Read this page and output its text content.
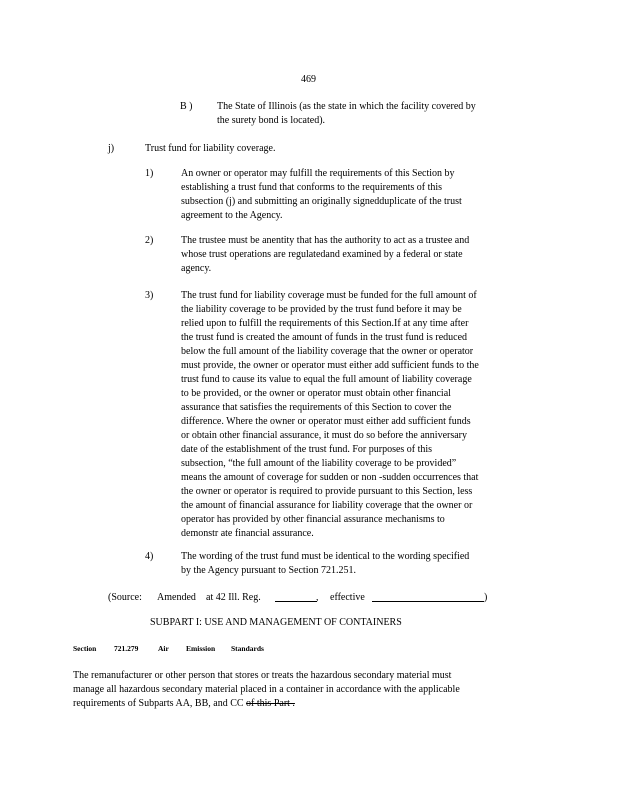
469
B ) The State of Illinois (as the state in which the facility covered by
the surety bond is located).
j)	Trust fund for liability coverage.
1)	An owner or operator may fulfill the requirements of this Section by
establishing a trust fund that conforms to the requirements of this
subsection (j) and submitting an originally signedduplicate of the trust
agreement to the Agency.
2)	The trustee must be anentity that has the authority to act as a trustee and
whose trust operations are regulatedand examined by a federal or state
agency.
3)	The trust fund for liability coverage must be funded for the full amount of
the liability coverage to be provided by the trust fund before it may be
relied upon to fulfill the requirements of this Section.If at any time after
the trust fund is created the amount of funds in the trust fund is reduced
below the full amount of the liability coverage that the owner or operator
must provide, the owner or operator must either add sufficient funds to the
trust fund to cause its value to equal the full amount of liability coverage
to be provided, or the owner or operator must obtain other financial
assurance that satisfies the requirements of this Section to cover the
difference. Where the owner or operator must either add sufficient funds
or obtain other financial assurance, it must do so before the anniversary
date of the establishment of the trust fund. For purposes of this
subsection, “the full amount of the liability coverage to be provided”
means the amount of coverage for sudden or non -sudden occurrences that
the owner or operator is required to provide pursuant to this Section, less
the amount of financial assurance for liability coverage that the owner or
operator has provided by other financial assurance mechanisms to
demonstr ate financial assurance.
4)	The wording of the trust fund must be identical to the wording specified
by the Agency pursuant to Section 721.251.
(Source: Amended at 42 Ill. Reg.	, effective	)
SUBPART I: USE AND MANAGEMENT OF CONTAINERS
Section 721.279	Air Emission Standards
The remanufacturer or other person that stores or treats the hazardous secondary material must
manage all hazardous secondary material placed in a container in accordance with the applicable
requirements of Subparts AA, BB, and CC of this Part .
